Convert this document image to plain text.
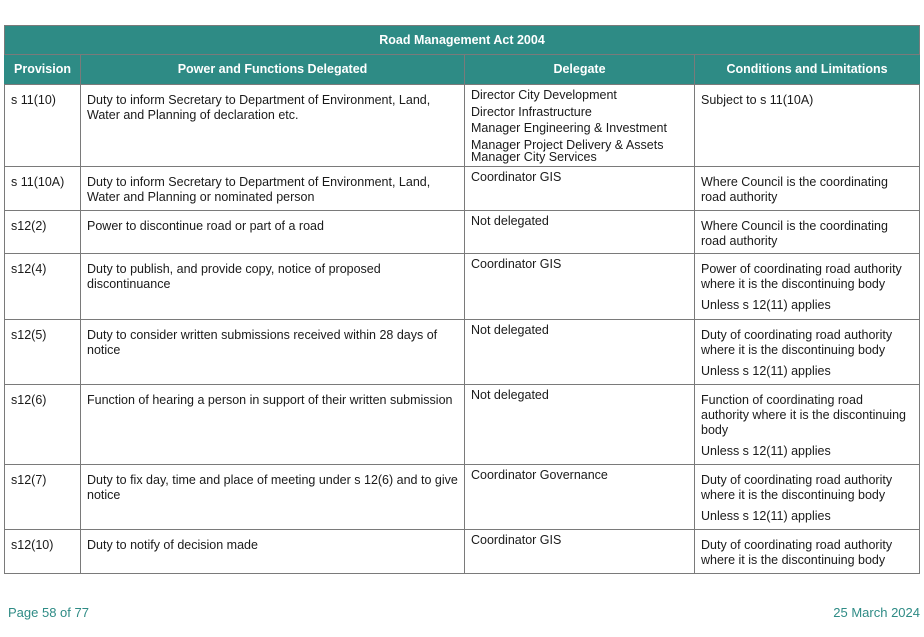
Road Management Act 2004			
Provision	Power and Functions Delegated	Delegate	Conditions and Limitations
s 11(10)	Duty to inform Secretary to Department of Environment, Land, Water and Planning of declaration etc.	Director City Development
Director Infrastructure
Manager Engineering & Investment
Manager Project Delivery & Assets
Manager City Services	Subject to s 11(10A)

s 11(10A)	Duty to inform Secretary to Department of Environment, Land, Water and Planning or nominated person	Coordinator GIS	Where Council is the coordinating road authority

s12(2)	Power to discontinue road or part of a road	Not delegated	Where Council is the coordinating road authority

s12(4)	Duty to publish, and provide copy, notice of proposed discontinuance	Coordinator GIS	Power of coordinating road authority where it is the discontinuing body
Unless s 12(11) applies

s12(5)	Duty to consider written submissions received within 28 days of notice	Not delegated	Duty of coordinating road authority where it is the discontinuing body
Unless s 12(11) applies

s12(6)	Function of hearing a person in support of their written submission	Not delegated	Function of coordinating road authority where it is the discontinuing body
Unless s 12(11) applies

s12(7)	Duty to fix day, time and place of meeting under s 12(6) and to give notice	Coordinator Governance	Duty of coordinating road authority where it is the discontinuing body
Unless s 12(11) applies

s12(10)	Duty to notify of decision made	Coordinator GIS	Duty of coordinating road authority where it is the discontinuing body
Page 58 of 77	25 March 2024
